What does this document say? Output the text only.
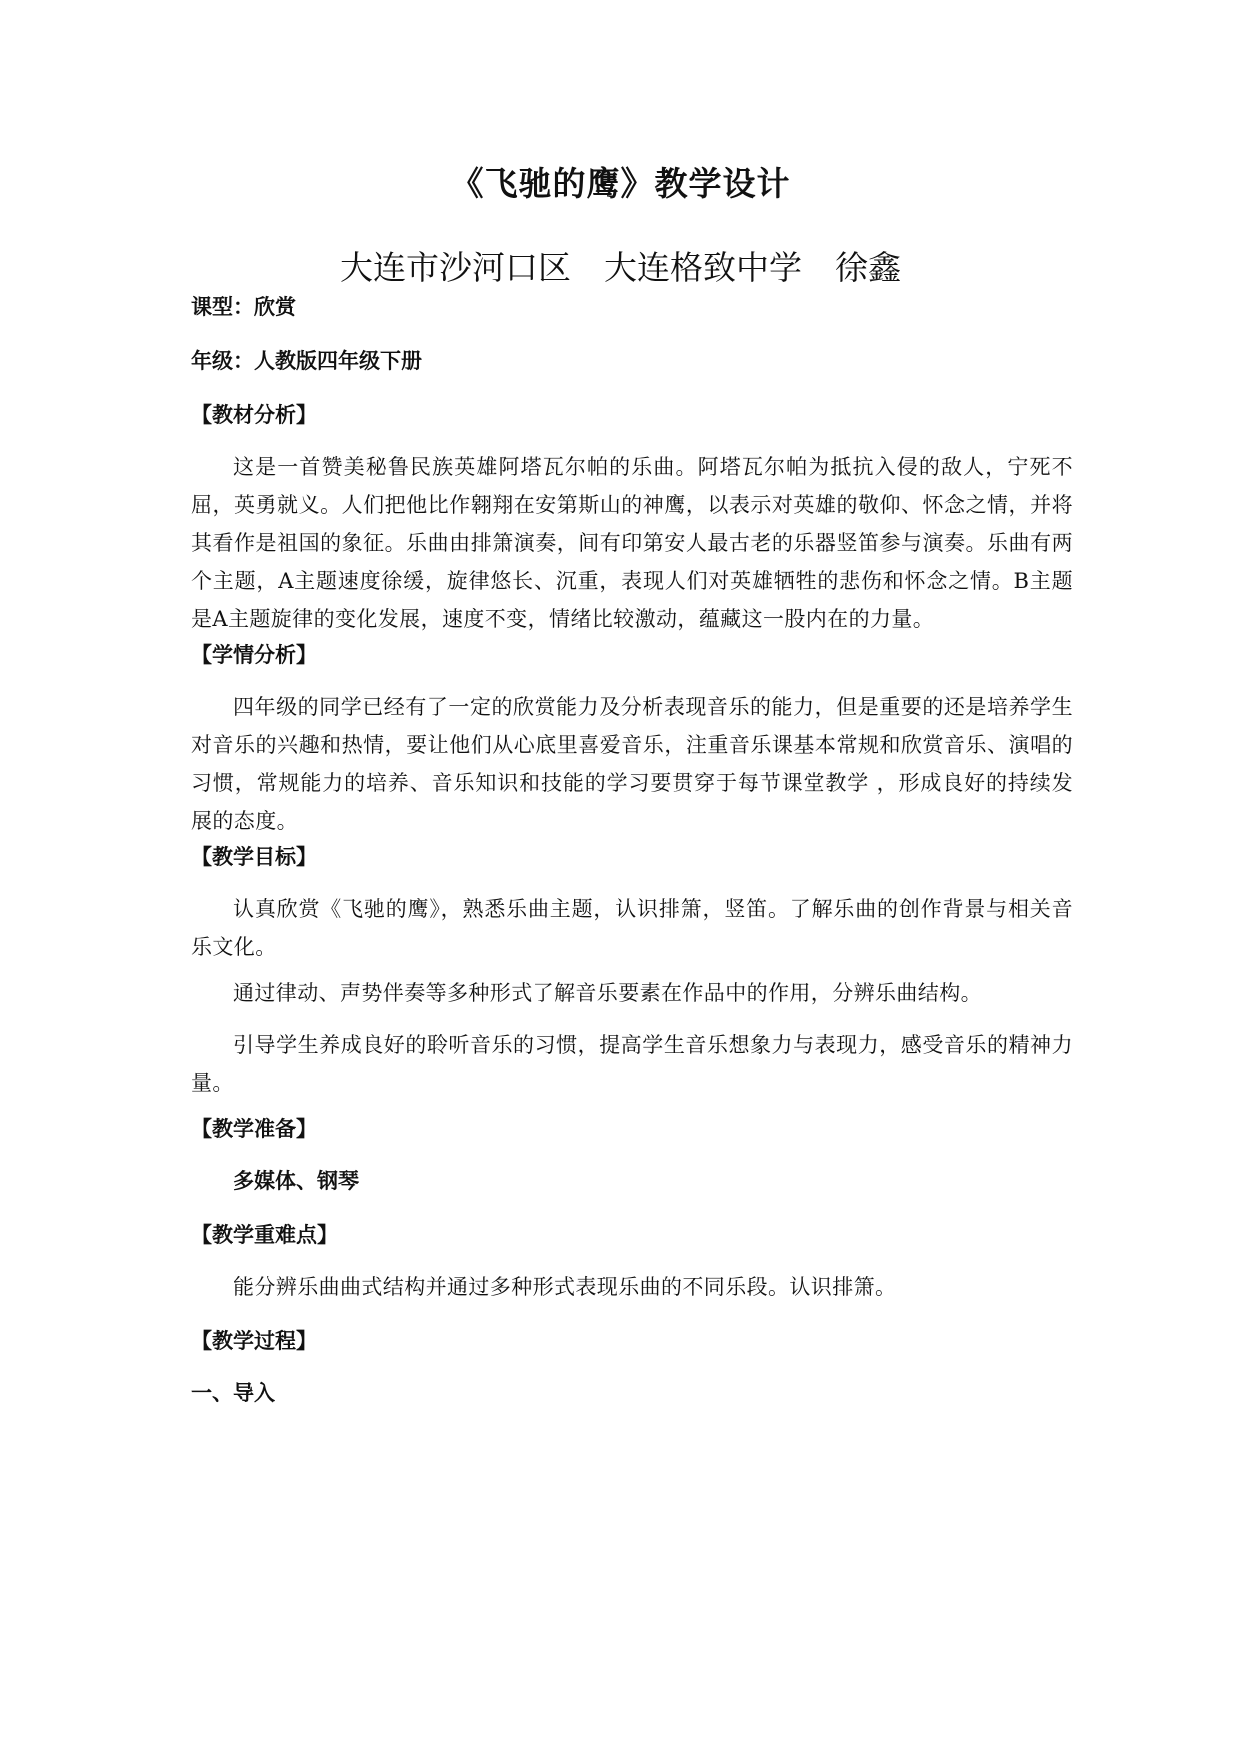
《飞驰的鹰》教学设计
大连市沙河口区　大连格致中学　徐鑫
课型：欣赏
年级：人教版四年级下册
【教材分析】

这是一首赞美秘鲁民族英雄阿塔瓦尔帕的乐曲。阿塔瓦尔帕为抵抗入侵的敌人，宁死不屈，英勇就义。人们把他比作翱翔在安第斯山的神鹰，以表示对英雄的敬仰、怀念之情，并将其看作是祖国的象征。乐曲由排箫演奏，间有印第安人最古老的乐器竖笛参与演奏。乐曲有两个主题，A主题速度徐缓，旋律悠长、沉重，表现人们对英雄牺牲的悲伤和怀念之情。B主题是A主题旋律的变化发展，速度不变，情绪比较激动，蕴藏这一股内在的力量。

【学情分析】

四年级的同学已经有了一定的欣赏能力及分析表现音乐的能力，但是重要的还是培养学生对音乐的兴趣和热情，要让他们从心底里喜爱音乐，注重音乐课基本常规和欣赏音乐、演唱的习惯，常规能力的培养、音乐知识和技能的学习要贯穿于每节课堂教学 ，形成良好的持续发展的态度。

【教学目标】

认真欣赏《飞驰的鹰》，熟悉乐曲主题，认识排箫，竖笛。了解乐曲的创作背景与相关音乐文化。

通过律动、声势伴奏等多种形式了解音乐要素在作品中的作用，分辨乐曲结构。

引导学生养成良好的聆听音乐的习惯，提高学生音乐想象力与表现力，感受音乐的精神力量。

【教学准备】
多媒体、钢琴
【教学重难点】

能分辨乐曲曲式结构并通过多种形式表现乐曲的不同乐段。认识排箫。

【教学过程】
一、导入
